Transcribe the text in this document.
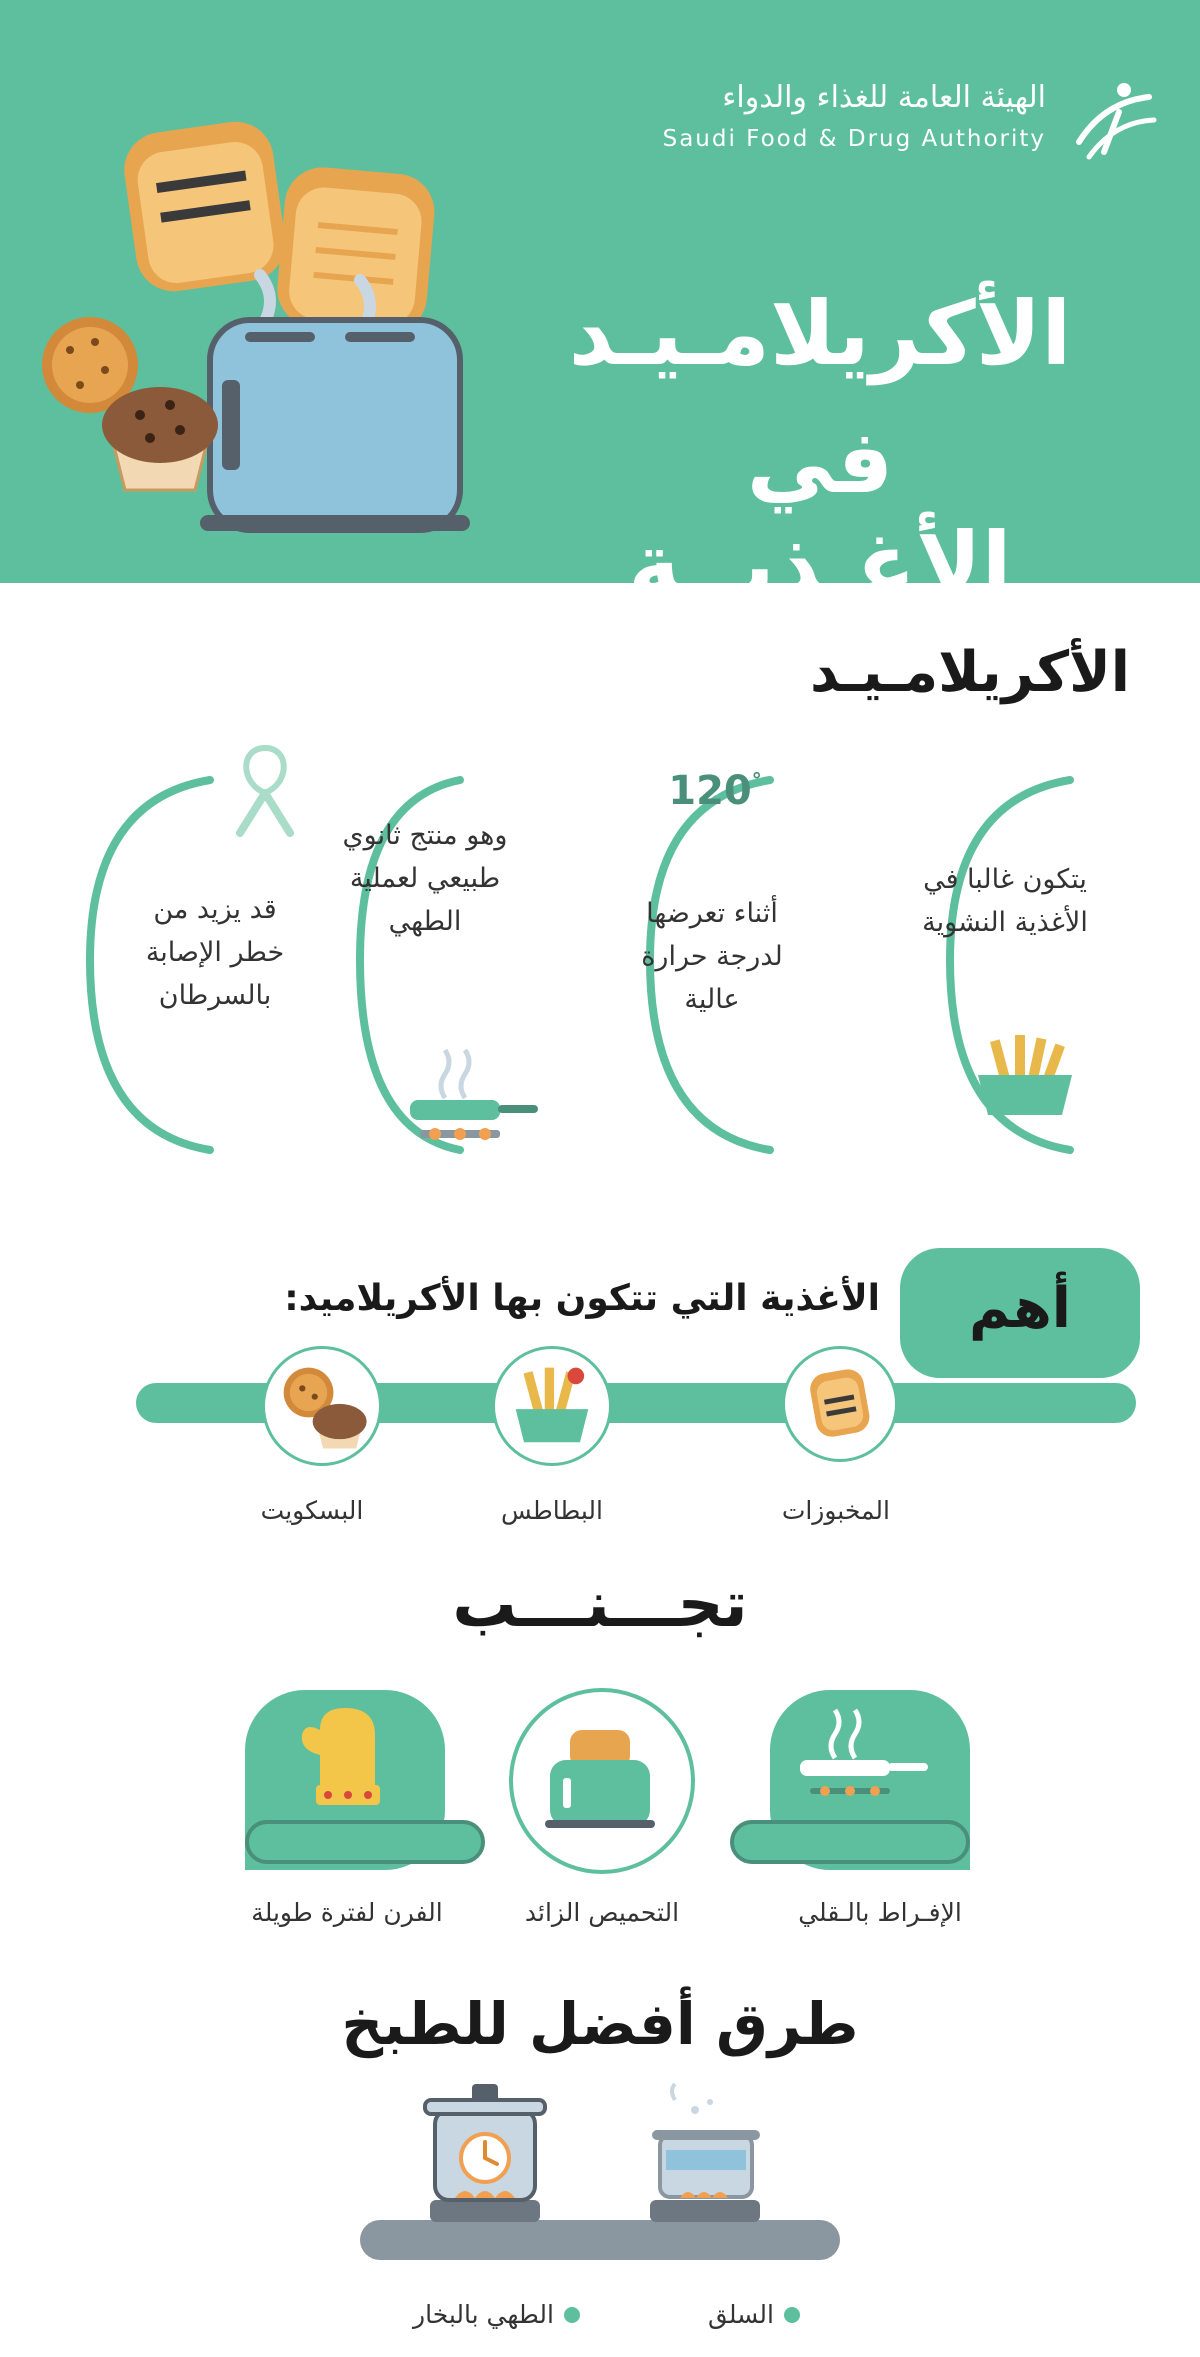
الهيئة العامة للغذاء والدواء
Saudi Food & Drug Authority
الأكريلامـيـد
في الأغـذيــة
الأكريلامـيـد
يتكون غالبا في الأغذية النشوية
120°
أثناء تعرضها لدرجة حرارة عالية
وهو منتج ثانوي طبيعي لعملية الطهي
قد يزيد من خطر الإصابة بالسرطان
أهم
الأغذية التي تتكون بها الأكريلاميد:
المخبوزات
البطاطس
البسكويت
تجـــنـــب
الإفـراط بالـقلي
التحميص الزائد
الفرن لفترة طويلة
طرق أفضل للطبخ
السلق
الطهي بالبخار
